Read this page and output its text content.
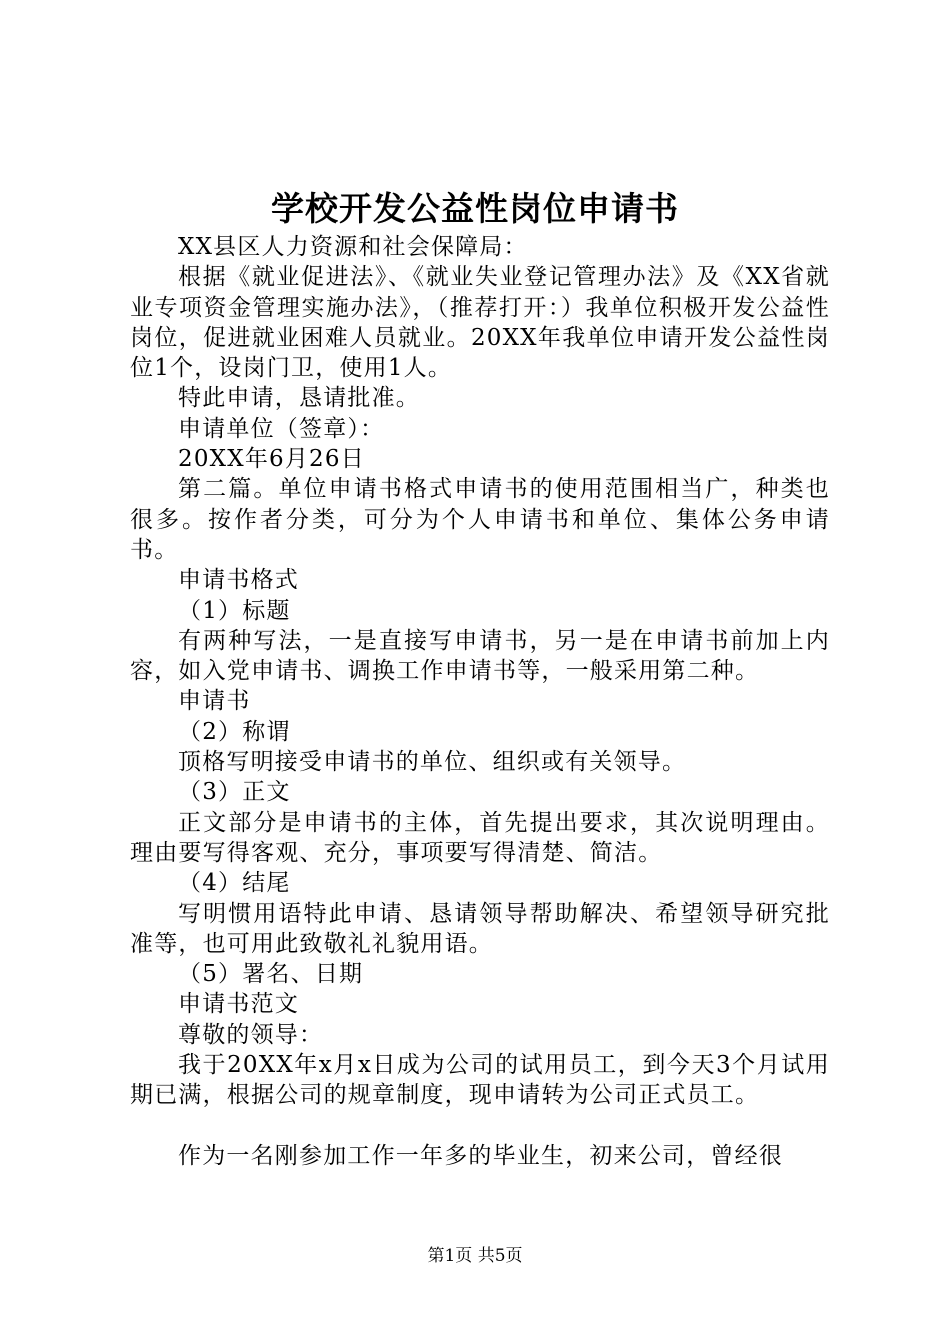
学校开发公益性岗位申请书

XX县区人力资源和社会保障局：

根据《就业促进法》、《就业失业登记管理办法》及《XX省就业专项资金管理实施办法》，（推荐打开：）我单位积极开发公益性岗位，促进就业困难人员就业。20XX年我单位申请开发公益性岗位1个，设岗门卫，使用1人。

特此申请，恳请批准。

申请单位（签章）：

20XX年6月26日

第二篇。单位申请书格式申请书的使用范围相当广，种类也很多。按作者分类，可分为个人申请书和单位、集体公务申请书。

申请书格式

（1）标题

有两种写法，一是直接写申请书，另一是在申请书前加上内容，如入党申请书、调换工作申请书等，一般采用第二种。

申请书

（2）称谓

顶格写明接受申请书的单位、组织或有关领导。

（3）正文

正文部分是申请书的主体，首先提出要求，其次说明理由。理由要写得客观、充分，事项要写得清楚、简洁。

（4）结尾

写明惯用语特此申请、恳请领导帮助解决、希望领导研究批准等，也可用此致敬礼礼貌用语。

（5）署名、日期

申请书范文

尊敬的领导：

我于20XX年x月x日成为公司的试用员工，到今天3个月试用期已满，根据公司的规章制度，现申请转为公司正式员工。

作为一名刚参加工作一年多的毕业生，初来公司，曾经很

第1页 共5页
